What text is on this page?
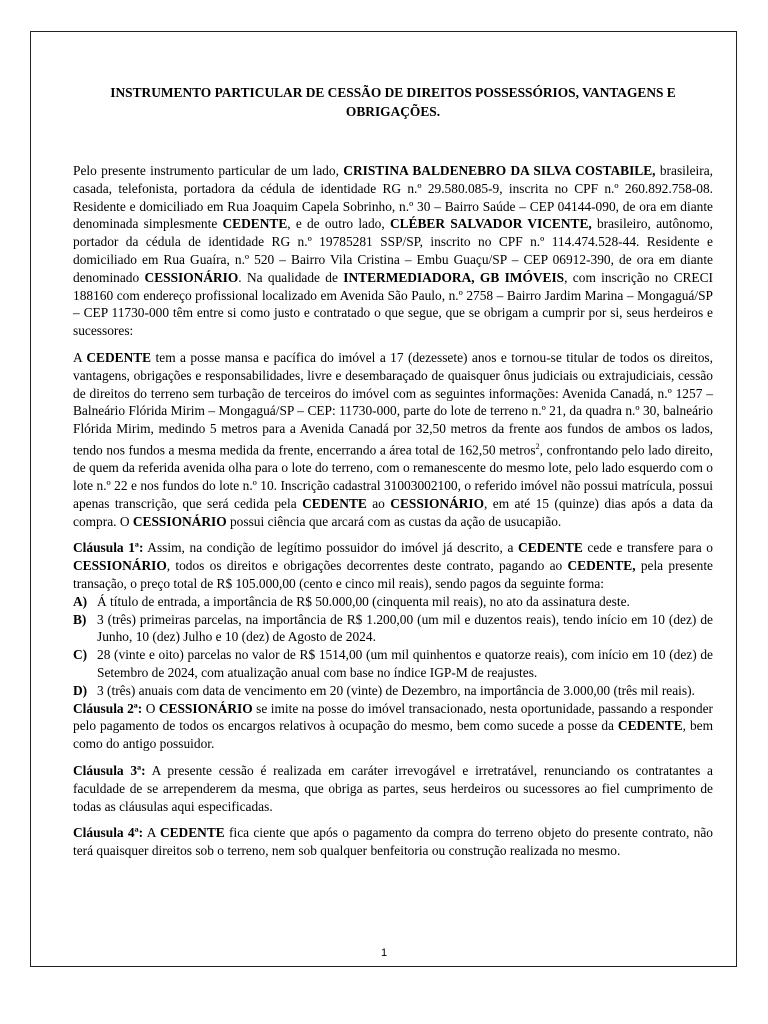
INSTRUMENTO PARTICULAR DE CESSÃO DE DIREITOS POSSESSÓRIOS, VANTAGENS E OBRIGAÇÕES.

Pelo presente instrumento particular de um lado, CRISTINA BALDENEBRO DA SILVA COSTABILE, brasileira, casada, telefonista, portadora da cédula de identidade RG n.º 29.580.085-9, inscrita no CPF n.º 260.892.758-08. Residente e domiciliado em Rua Joaquim Capela Sobrinho, n.º 30 – Bairro Saúde – CEP 04144-090, de ora em diante denominada simplesmente CEDENTE, e de outro lado, CLÉBER SALVADOR VICENTE, brasileiro, autônomo, portador da cédula de identidade RG n.º 19785281 SSP/SP, inscrito no CPF n.º 114.474.528-44. Residente e domiciliado em Rua Guaíra, n.º 520 – Bairro Vila Cristina – Embu Guaçu/SP – CEP 06912-390, de ora em diante denominado CESSIONÁRIO. Na qualidade de INTERMEDIADORA, GB IMÓVEIS, com inscrição no CRECI 188160 com endereço profissional localizado em Avenida São Paulo, n.º 2758 – Bairro Jardim Marina – Mongaguá/SP – CEP 11730-000 têm entre si como justo e contratado o que segue, que se obrigam a cumprir por si, seus herdeiros e sucessores:

A CEDENTE tem a posse mansa e pacífica do imóvel a 17 (dezessete) anos e tornou-se titular de todos os direitos, vantagens, obrigações e responsabilidades, livre e desembaraçado de quaisquer ônus judiciais ou extrajudiciais, cessão de direitos do terreno sem turbação de terceiros do imóvel com as seguintes informações: Avenida Canadá, n.º 1257 – Balneário Flórida Mirim – Mongaguá/SP – CEP: 11730-000, parte do lote de terreno n.º 21, da quadra n.º 30, balneário Flórida Mirim, medindo 5 metros para a Avenida Canadá por 32,50 metros da frente aos fundos de ambos os lados, tendo nos fundos a mesma medida da frente, encerrando a área total de 162,50 metros$^2$, confrontando pelo lado direito, de quem da referida avenida olha para o lote do terreno, com o remanescente do mesmo lote, pelo lado esquerdo com o lote n.º 22 e nos fundos do lote n.º 10. Inscrição cadastral 31003002100, o referido imóvel não possui matrícula, possui apenas transcrição, que será cedida pela CEDENTE ao CESSIONÁRIO, em até 15 (quinze) dias após a data da compra. O CESSIONÁRIO possui ciência que arcará com as custas da ação de usucapião.

Cláusula 1ª: Assim, na condição de legítimo possuidor do imóvel já descrito, a CEDENTE cede e transfere para o CESSIONÁRIO, todos os direitos e obrigações decorrentes deste contrato, pagando ao CEDENTE, pela presente transação, o preço total de R$ 105.000,00 (cento e cinco mil reais), sendo pagos da seguinte forma:

A) Á título de entrada, a importância de R$ 50.000,00 (cinquenta mil reais), no ato da assinatura deste.
B) 3 (três) primeiras parcelas, na importância de R$ 1.200,00 (um mil e duzentos reais), tendo início em 10 (dez) de Junho, 10 (dez) Julho e 10 (dez) de Agosto de 2024.
C) 28 (vinte e oito) parcelas no valor de R$ 1514,00 (um mil quinhentos e quatorze reais), com início em 10 (dez) de Setembro de 2024, com atualização anual com base no índice IGP-M de reajustes.
D) 3 (três) anuais com data de vencimento em 20 (vinte) de Dezembro, na importância de 3.000,00 (três mil reais).

Cláusula 2ª: O CESSIONÁRIO se imite na posse do imóvel transacionado, nesta oportunidade, passando a responder pelo pagamento de todos os encargos relativos à ocupação do mesmo, bem como sucede a posse da CEDENTE, bem como do antigo possuidor.

Cláusula 3ª: A presente cessão é realizada em caráter irrevogável e irretratável, renunciando os contratantes a faculdade de se arrependerem da mesma, que obriga as partes, seus herdeiros ou sucessores ao fiel cumprimento de todas as cláusulas aqui especificadas.

Cláusula 4ª: A CEDENTE fica ciente que após o pagamento da compra do terreno objeto do presente contrato, não terá quaisquer direitos sob o terreno, nem sob qualquer benfeitoria ou construção realizada no mesmo.

1
